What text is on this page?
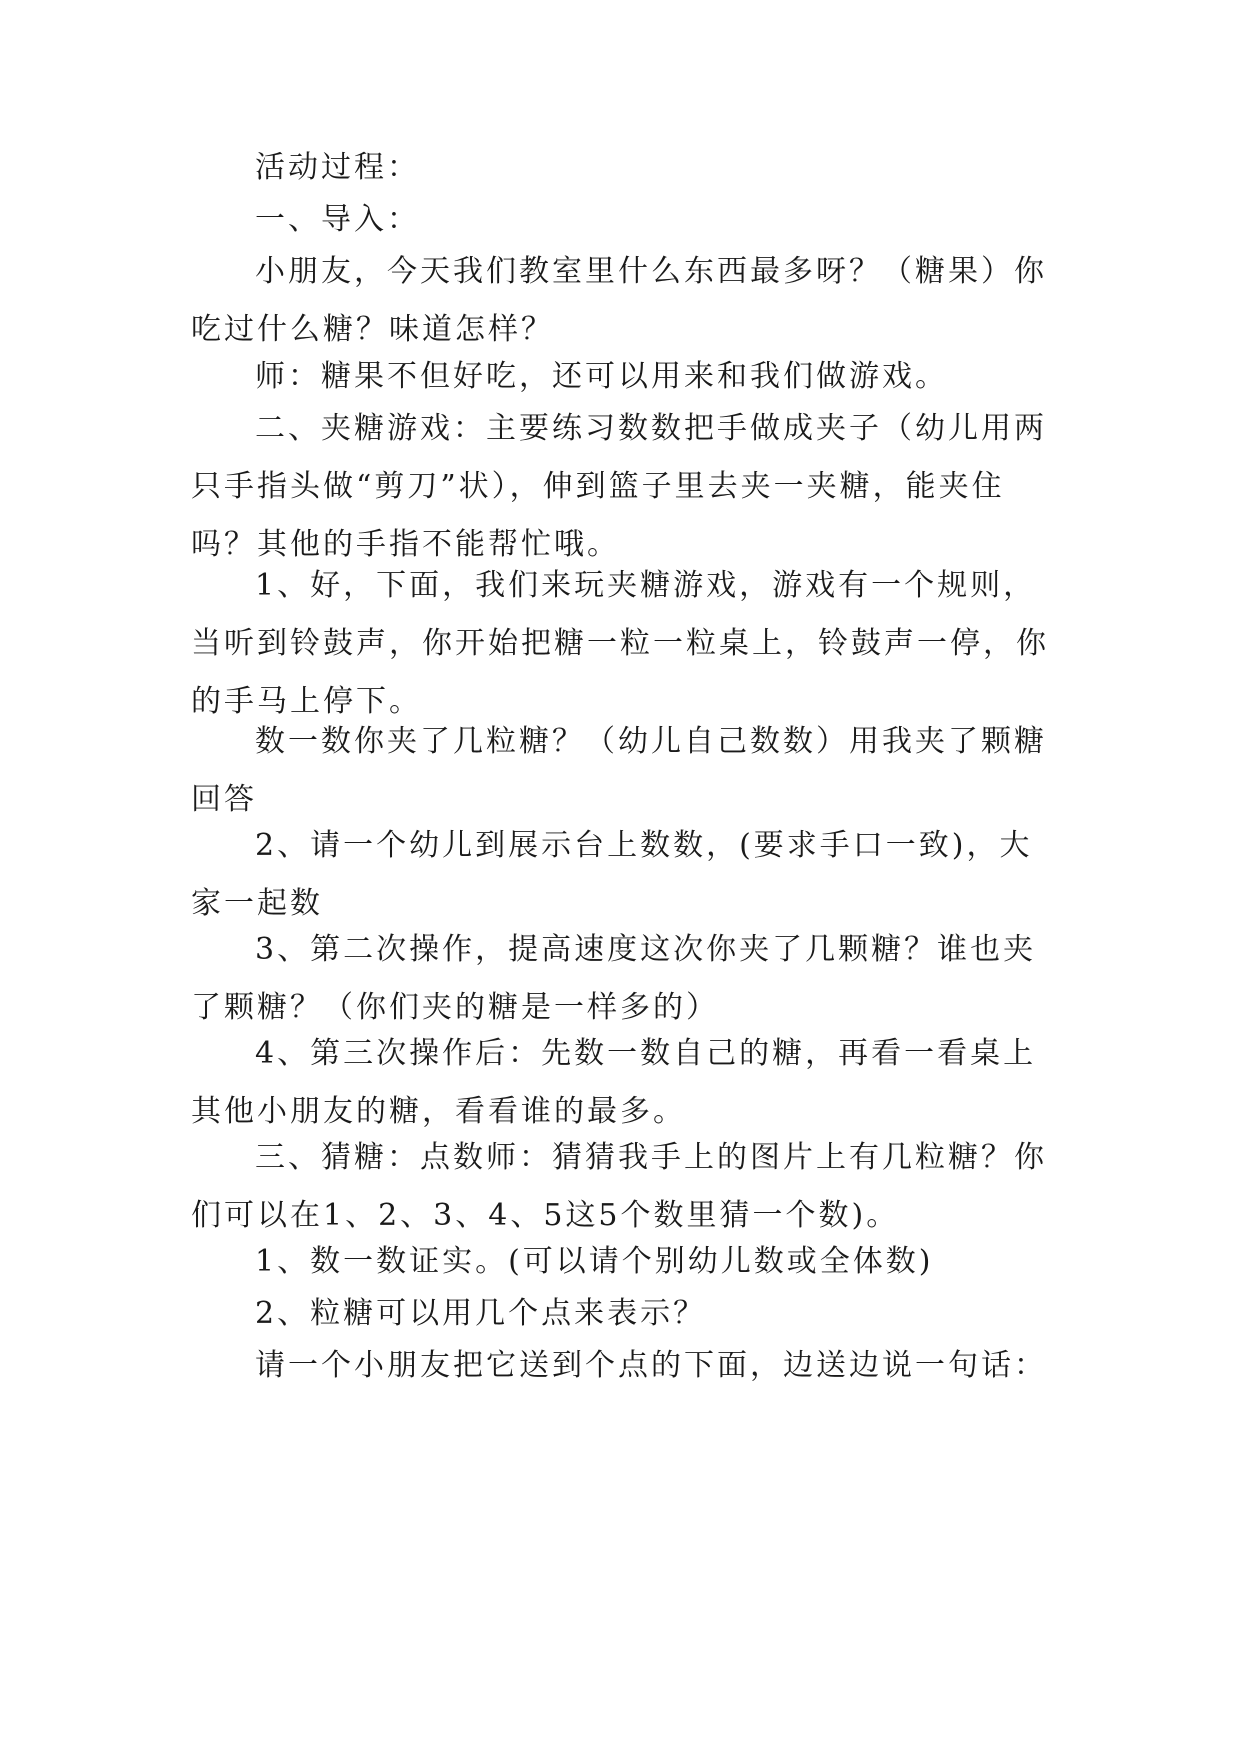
活动过程：

一、导入：

小朋友，今天我们教室里什么东西最多呀？（糖果）你吃过什么糖？味道怎样？

师：糖果不但好吃，还可以用来和我们做游戏。

二、夹糖游戏：主要练习数数把手做成夹子（幼儿用两只手指头做“剪刀”状），伸到篮子里去夹一夹糖，能夹住吗？其他的手指不能帮忙哦。

1、好，下面，我们来玩夹糖游戏，游戏有一个规则，当听到铃鼓声，你开始把糖一粒一粒桌上，铃鼓声一停，你的手马上停下。

数一数你夹了几粒糖？（幼儿自己数数）用我夹了颗糖回答

2、请一个幼儿到展示台上数数，(要求手口一致)，大家一起数

3、第二次操作，提高速度这次你夹了几颗糖？谁也夹了颗糖？（你们夹的糖是一样多的）

4、第三次操作后：先数一数自己的糖，再看一看桌上其他小朋友的糖，看看谁的最多。

三、猜糖：点数师：猜猜我手上的图片上有几粒糖？你们可以在1、2、3、4、5这5个数里猜一个数)。

1、数一数证实。(可以请个别幼儿数或全体数)

2、粒糖可以用几个点来表示？

请一个小朋友把它送到个点的下面，边送边说一句话：
